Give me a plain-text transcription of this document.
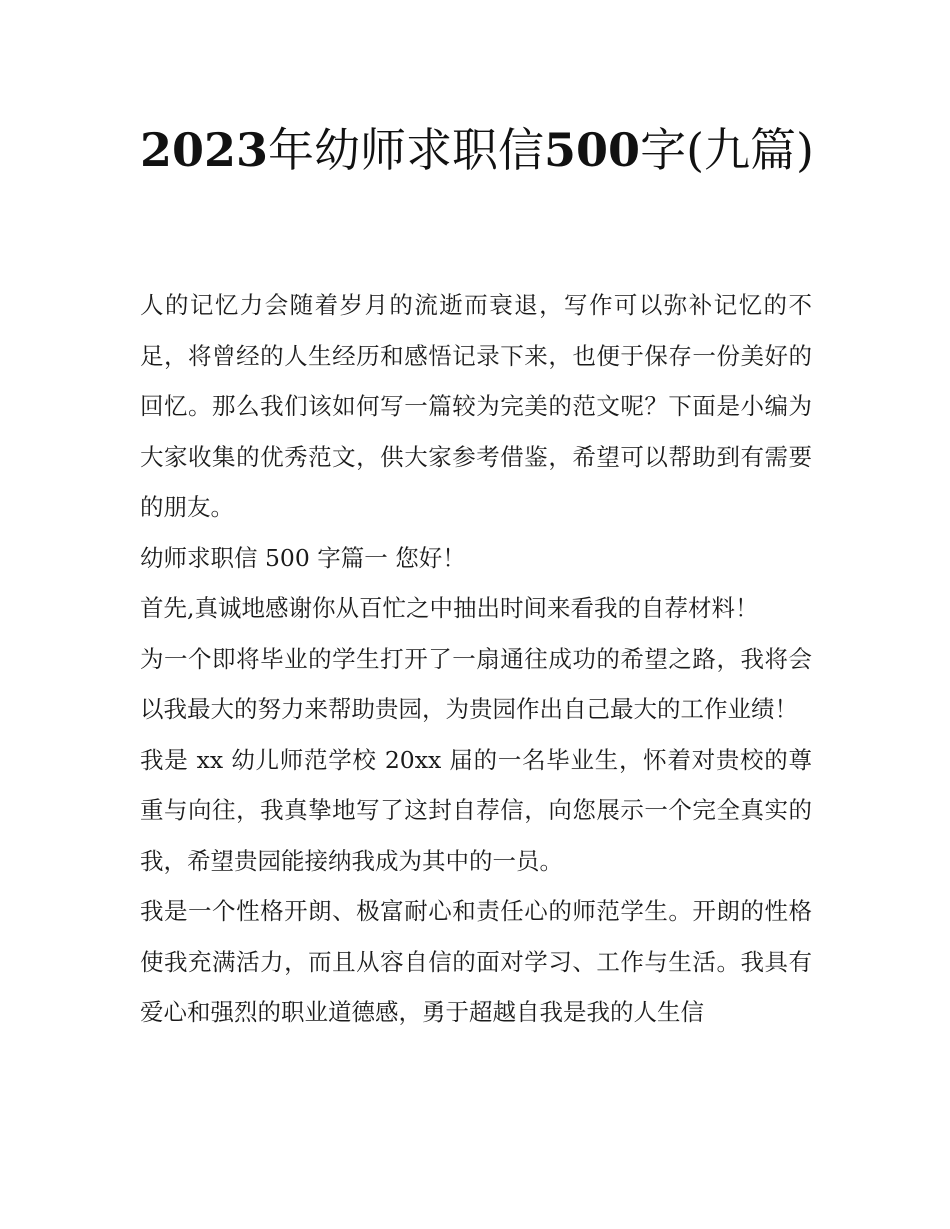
2023年幼师求职信500字(九篇)

人的记忆力会随着岁月的流逝而衰退，写作可以弥补记忆的不足，将曾经的人生经历和感悟记录下来，也便于保存一份美好的回忆。那么我们该如何写一篇较为完美的范文呢？下面是小编为大家收集的优秀范文，供大家参考借鉴，希望可以帮助到有需要的朋友。

幼师求职信 500 字篇一 您好！

首先,真诚地感谢你从百忙之中抽出时间来看我的自荐材料！

为一个即将毕业的学生打开了一扇通往成功的希望之路，我将会以我最大的努力来帮助贵园，为贵园作出自己最大的工作业绩！

我是 xx 幼儿师范学校 20xx 届的一名毕业生，怀着对贵校的尊重与向往，我真挚地写了这封自荐信，向您展示一个完全真实的我，希望贵园能接纳我成为其中的一员。

我是一个性格开朗、极富耐心和责任心的师范学生。开朗的性格使我充满活力，而且从容自信的面对学习、工作与生活。我具有爱心和强烈的职业道德感，勇于超越自我是我的人生信
